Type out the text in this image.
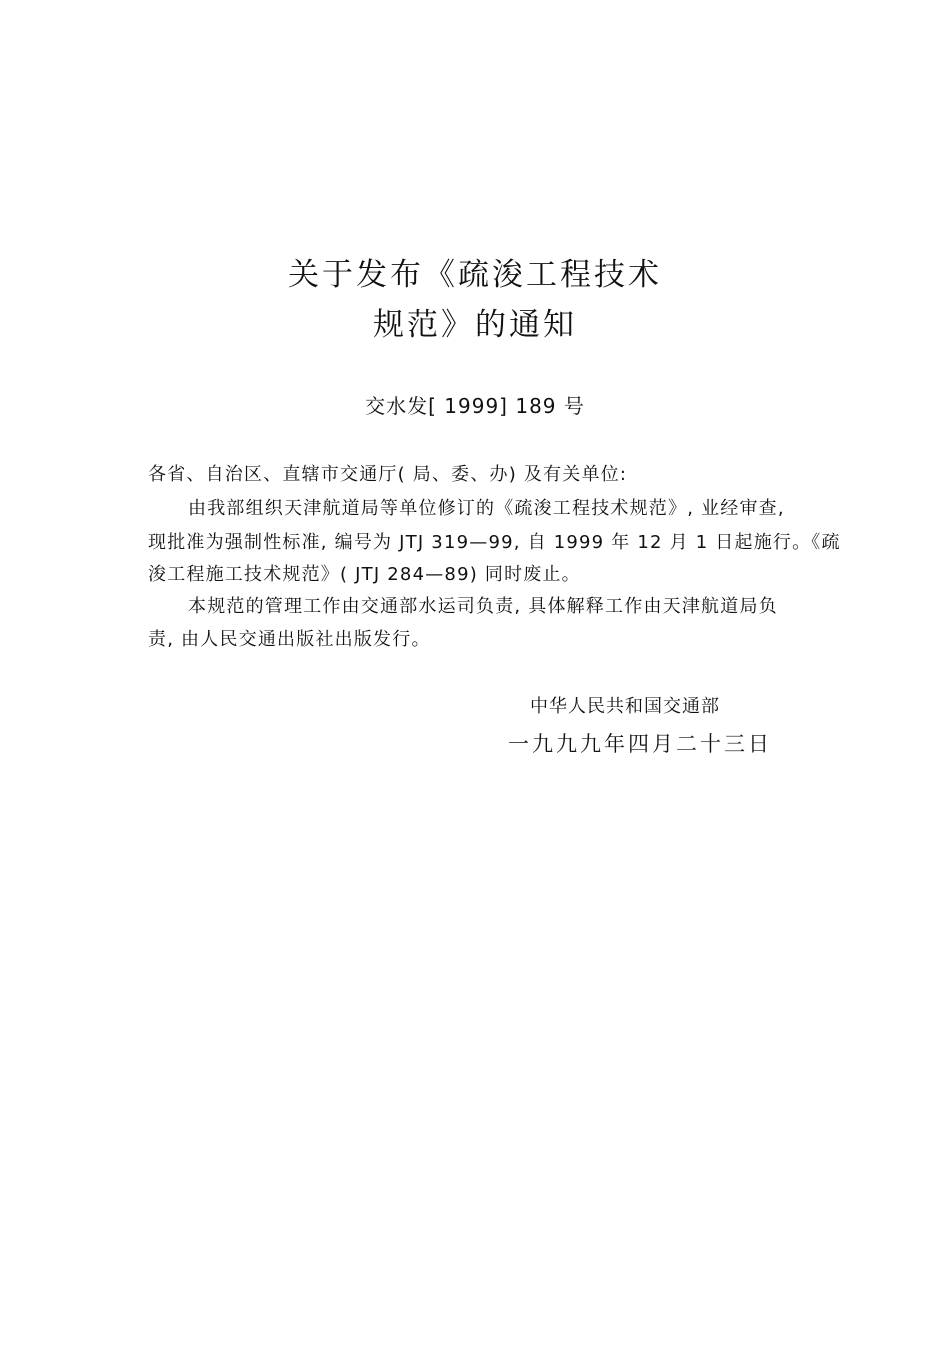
关于发布《疏浚工程技术
规范》的通知
交水发[ 1999] 189 号
各省、自治区、直辖市交通厅( 局、委、办) 及有关单位:
由我部组织天津航道局等单位修订的《疏浚工程技术规范》, 业经审查,
现批准为强制性标准, 编号为 JTJ 319—99, 自 1999 年 12 月 1 日起施行。《疏
浚工程施工技术规范》( JTJ 284—89) 同时废止。
本规范的管理工作由交通部水运司负责, 具体解释工作由天津航道局负
责, 由人民交通出版社出版发行。
中华人民共和国交通部
一九九九年四月二十三日
